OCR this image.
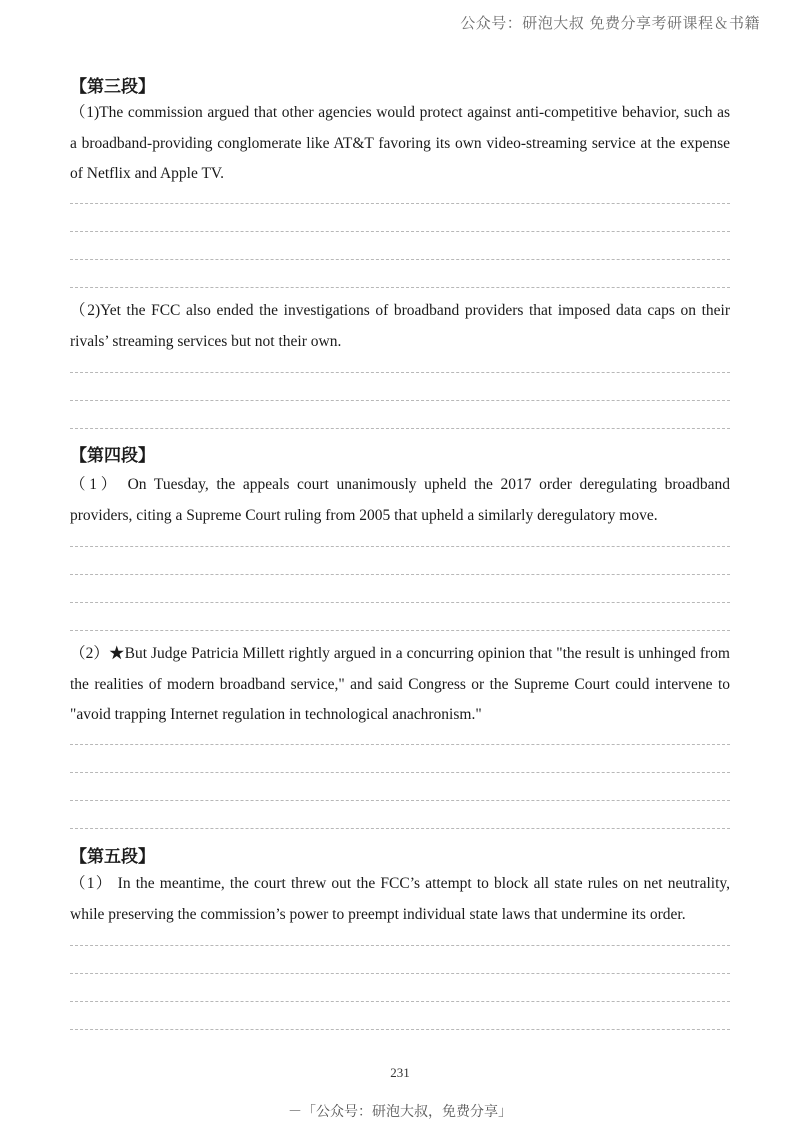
公众号：研泡大叔 免费分享考研课程＆书籍
【第三段】
（1)The commission argued that other agencies would protect against anti-competitive behavior, such as a broadband-providing conglomerate like AT&T favoring its own video-streaming service at the expense of Netflix and Apple TV.
（2)Yet the FCC also ended the investigations of broadband providers that imposed data caps on their rivals’ streaming services but not their own.
【第四段】
（1） On Tuesday, the appeals court unanimously upheld the 2017 order deregulating broadband providers, citing a Supreme Court ruling from 2005 that upheld a similarly deregulatory move.
（2）★But Judge Patricia Millett rightly argued in a concurring opinion that "the result is unhinged from the realities of modern broadband service," and said Congress or the Supreme Court could intervene to "avoid trapping Internet regulation in technological anachronism."
【第五段】
（1） In the meantime, the court threw out the FCC’s attempt to block all state rules on net neutrality, while preserving the commission’s power to preempt individual state laws that undermine its order.
231
－「公众号：研泡大叔，免费分享」
